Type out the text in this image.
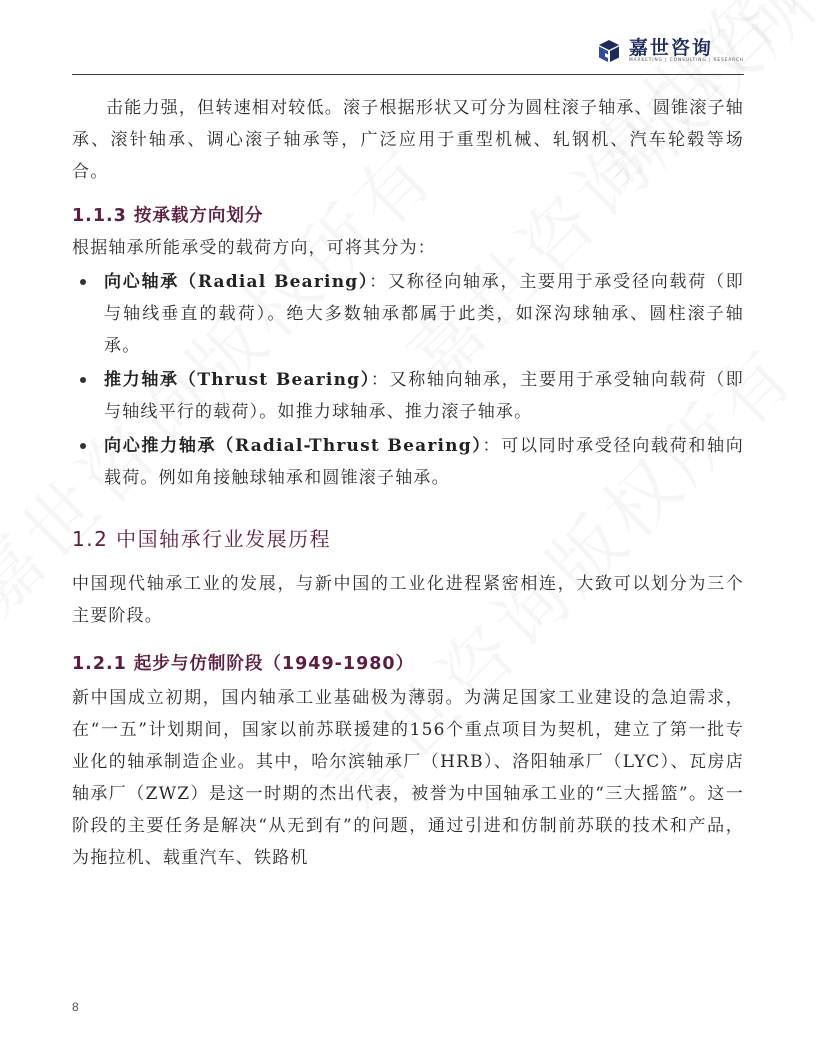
嘉世咨询
MARKETING | CONSULTING | RESEARCH

击能力强，但转速相对较低。滚子根据形状又可分为圆柱滚子轴承、圆锥滚子轴承、滚针轴承、调心滚子轴承等，广泛应用于重型机械、轧钢机、汽车轮毂等场合。

1.1.3 按承载方向划分

根据轴承所能承受的载荷方向，可将其分为：

向心轴承（Radial Bearing）：又称径向轴承，主要用于承受径向载荷（即与轴线垂直的载荷）。绝大多数轴承都属于此类，如深沟球轴承、圆柱滚子轴承。

推力轴承（Thrust Bearing）：又称轴向轴承，主要用于承受轴向载荷（即与轴线平行的载荷）。如推力球轴承、推力滚子轴承。

向心推力轴承（Radial-Thrust Bearing）：可以同时承受径向载荷和轴向载荷。例如角接触球轴承和圆锥滚子轴承。

1.2 中国轴承行业发展历程

中国现代轴承工业的发展，与新中国的工业化进程紧密相连，大致可以划分为三个主要阶段。

1.2.1 起步与仿制阶段（1949-1980）

新中国成立初期，国内轴承工业基础极为薄弱。为满足国家工业建设的急迫需求，在“一五”计划期间，国家以前苏联援建的156个重点项目为契机，建立了第一批专业化的轴承制造企业。其中，哈尔滨轴承厂（HRB）、洛阳轴承厂（LYC）、瓦房店轴承厂（ZWZ）是这一时期的杰出代表，被誉为中国轴承工业的“三大摇篮”。这一阶段的主要任务是解决“从无到有”的问题，通过引进和仿制前苏联的技术和产品，为拖拉机、载重汽车、铁路机

8
